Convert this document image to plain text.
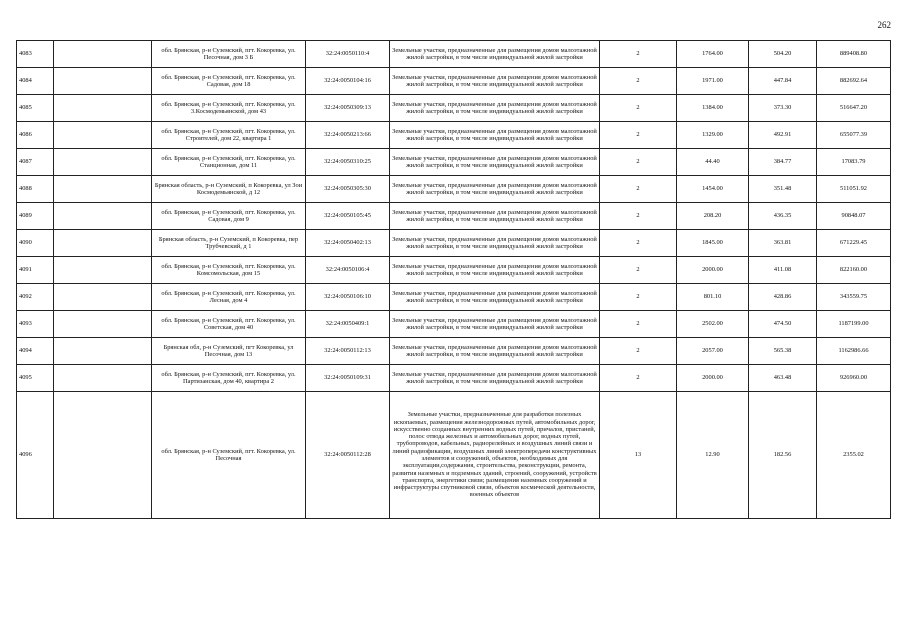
262
4083		обл. Брянская, р-н Суземский, пгт. Кокоревка, ул. Песочная, дом 3 Б	32:24:0050110:4	Земельные участки, предназначенные для размещения домов малоэтажной жилой застройки, в том числе индивидуальной жилой застройки	2	1764.00	504.20	889408.80
4084		обл. Брянская, р-н Суземский, пгт. Кокоревка, ул. Садовая, дом 18	32:24:0050104:16	Земельные участки, предназначенные для размещения домов малоэтажной жилой застройки, в том числе индивидуальной жилой застройки	2	1971.00	447.84	882692.64
4085		обл. Брянская, р-н Суземский, пгт. Кокоревка, ул. 3.Космодемьянской, дом 43	32:24:0050309:13	Земельные участки, предназначенные для размещения домов малоэтажной жилой застройки, в том числе индивидуальной жилой застройки	2	1384.00	373.30	516647.20
4086		обл. Брянская, р-н Суземский, пгт. Кокоревка, ул. Строителей, дом 22, квартира 1	32:24:0050213:66	Земельные участки, предназначенные для размещения домов малоэтажной жилой застройки, в том числе индивидуальной жилой застройки	2	1329.00	492.91	655077.39
4087		обл. Брянская, р-н Суземский, пгт. Кокоревка, ул. Станционная, дом 11	32:24:0050310:25	Земельные участки, предназначенные для размещения домов малоэтажной жилой застройки, в том числе индивидуальной жилой застройки	2	44.40	384.77	17083.79
4088		Брянская область, р-н Суземский, п Кокоревка, ул Зои Космодемьянской, д 12	32:24:0050305:30	Земельные участки, предназначенные для размещения домов малоэтажной жилой застройки, в том числе индивидуальной жилой застройки	2	1454.00	351.48	511051.92
4089		обл. Брянская, р-н Суземский, пгт. Кокоревка, ул. Садовая, дом 9	32:24:0050105:45	Земельные участки, предназначенные для размещения домов малоэтажной жилой застройки, в том числе индивидуальной жилой застройки	2	208.20	436.35	90848.07
4090		Брянская область, р-н Суземский, п Кокоревка, пер Трубчевский, д 1	32:24:0050402:13	Земельные участки, предназначенные для размещения домов малоэтажной жилой застройки, в том числе индивидуальной жилой застройки	2	1845.00	363.81	671229.45
4091		обл. Брянская, р-н Суземский, пгт. Кокоревка, ул. Комсомольская, дом 15	32:24:0050106:4	Земельные участки, предназначенные для размещения домов малоэтажной жилой застройки, в том числе индивидуальной жилой застройки	2	2000.00	411.08	822160.00
4092		обл. Брянская, р-н Суземский, пгт. Кокоревка, ул. Лесная, дом 4	32:24:0050106:10	Земельные участки, предназначенные для размещения домов малоэтажной жилой застройки, в том числе индивидуальной жилой застройки	2	801.10	428.86	343559.75
4093		обл. Брянская, р-н Суземский, пгт. Кокоревка, ул. Советская, дом 40	32:24:0050409:1	Земельные участки, предназначенные для размещения домов малоэтажной жилой застройки, в том числе индивидуальной жилой застройки	2	2502.00	474.50	1187199.00
4094		Брянская обл, р-н Суземский, пгт Кокоревка, ул Песочная, дом 13	32:24:0050112:13	Земельные участки, предназначенные для размещения домов малоэтажной жилой застройки, в том числе индивидуальной жилой застройки	2	2057.00	565.38	1162986.66
4095		обл. Брянская, р-н Суземский, пгт. Кокоревка, ул. Партизанская, дом 40, квартира 2	32:24:0050109:31	Земельные участки, предназначенные для размещения домов малоэтажной жилой застройки, в том числе индивидуальной жилой застройки	2	2000.00	463.48	926960.00
4096		обл. Брянская, р-н Суземский, пгт. Кокоревка, ул. Песочная	32:24:0050112:28	Земельные участки, предназначенные для разработки полезных ископаемых, размещения железнодорожных путей, автомобильных дорог, искусственно созданных внутренних водных путей, причалов, пристаней, полос отвода железных и автомобильных дорог, водных путей, трубопроводов, кабельных, радиорелейных и воздушных линий связи и линий радиофикации, воздушных линий электропередачи конструктивных элементов и сооружений, объектов, необходимых для эксплуатации,содержания, строительства, реконструкции, ремонта, развития наземных и подземных зданий, строений, сооружений, устройств транспорта, энергетики связи; размещения наземных сооружений и инфраструктуры спутниковой связи, объектов космической деятельности, военных объектов	13	12.90	182.56	2355.02
